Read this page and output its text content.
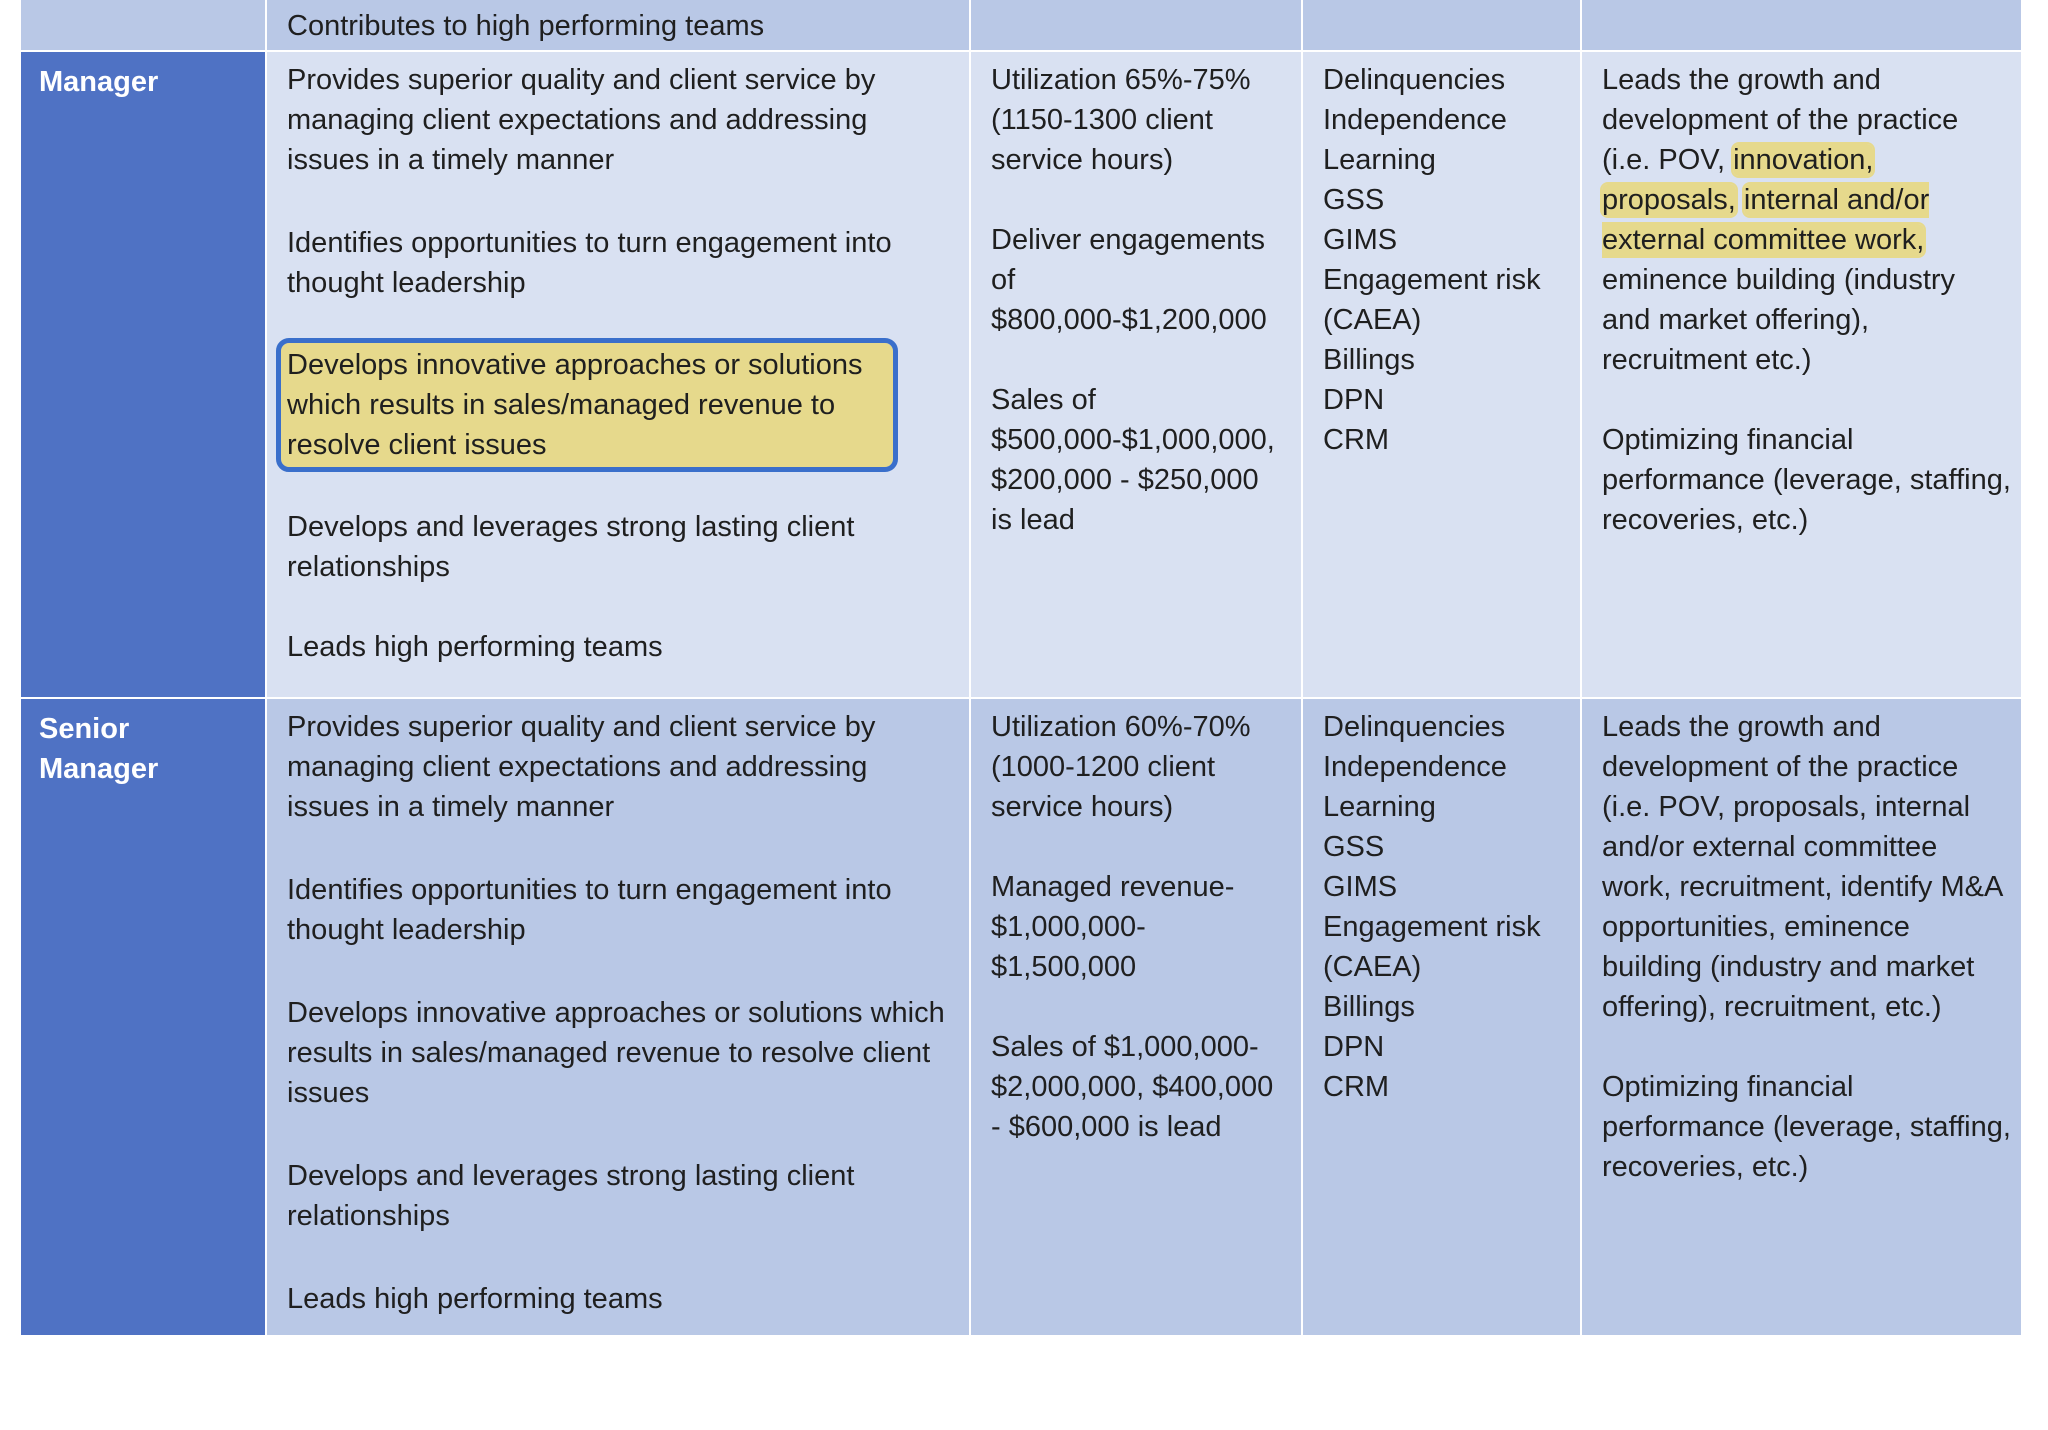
Contributes to high performing teams
Manager	Provides superior quality and client service by managing client expectations and addressing issues in a timely manner

Identifies opportunities to turn engagement into thought leadership

Develops innovative approaches or solutions which results in sales/managed revenue to resolve client issues

Develops and leverages strong lasting client relationships

Leads high performing teams

Utilization 65%-75% (1150-1300 client service hours)

Deliver engagements of $800,000-$1,200,000

Sales of $500,000-$1,000,000, $200,000 - $250,000 is lead

Delinquencies
Independence
Learning
GSS
GIMS
Engagement risk (CAEA)
Billings
DPN
CRM

Leads the growth and development of the practice (i.e. POV, innovation, proposals, internal and/or external committee work, eminence building (industry and market offering), recruitment etc.)

Optimizing financial performance (leverage, staffing, recoveries, etc.)

Senior Manager

Provides superior quality and client service by managing client expectations and addressing issues in a timely manner

Identifies opportunities to turn engagement into thought leadership

Develops innovative approaches or solutions which results in sales/managed revenue to resolve client issues

Develops and leverages strong lasting client relationships

Leads high performing teams

Utilization 60%-70% (1000-1200 client service hours)

Managed revenue- $1,000,000- $1,500,000

Sales of $1,000,000- $2,000,000, $400,000 - $600,000 is lead

Delinquencies
Independence
Learning
GSS
GIMS
Engagement risk (CAEA)
Billings
DPN
CRM

Leads the growth and development of the practice (i.e. POV, proposals, internal and/or external committee work, recruitment, identify M&A opportunities, eminence building (industry and market offering), recruitment, etc.)

Optimizing financial performance (leverage, staffing, recoveries, etc.)
